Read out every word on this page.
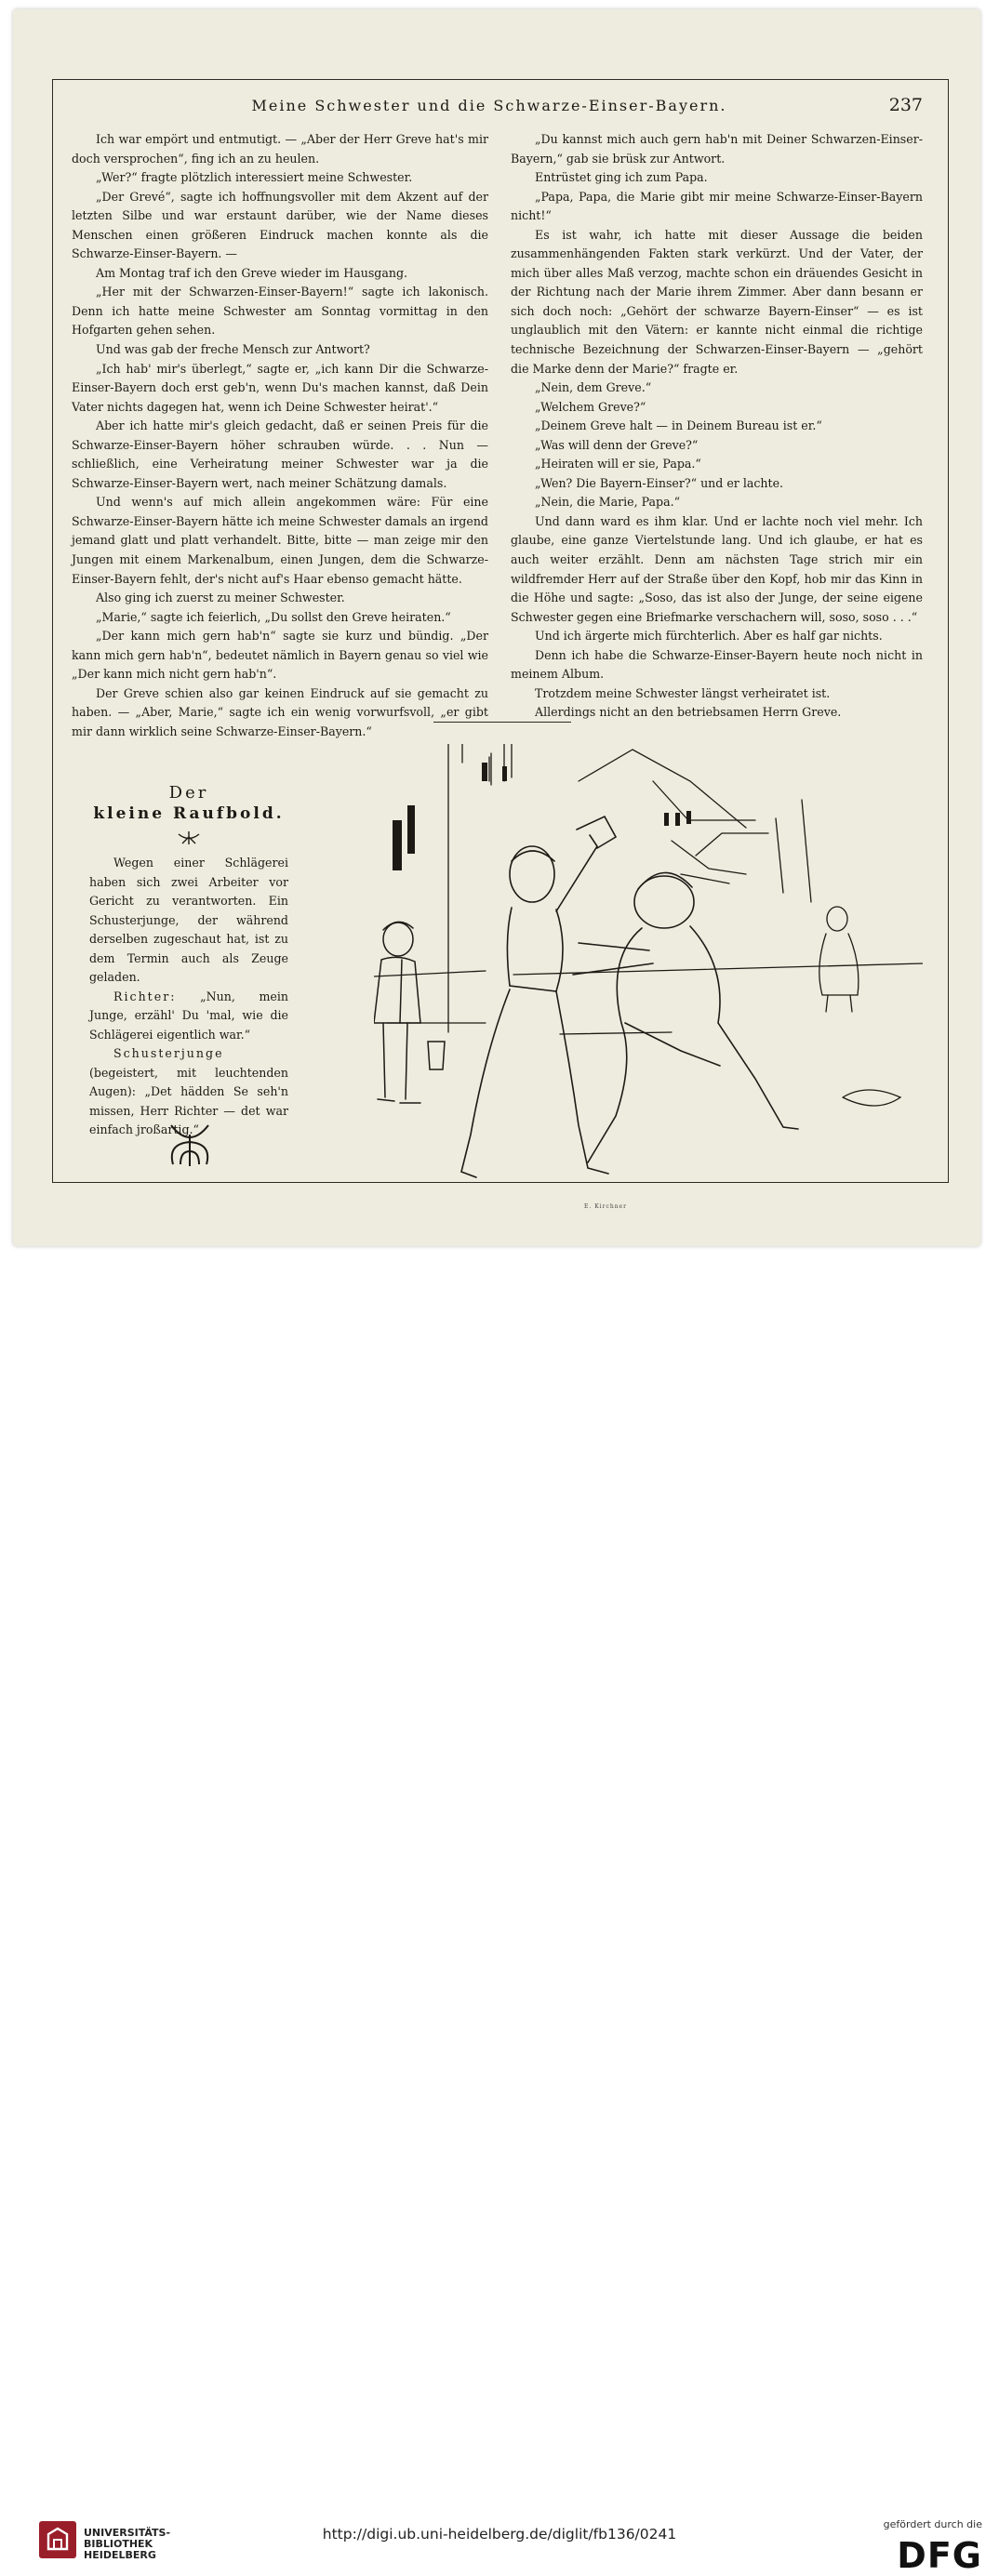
Meine Schwester und die Schwarze-Einser-Bayern.	237

Ich war empört und entmutigt. — „Aber der Herr Greve hat's mir doch versprochen“, fing ich an zu heulen.

„Wer?“ fragte plötzlich interessiert meine Schwester.

„Der Grevé“, sagte ich hoffnungsvoller mit dem Akzent auf der letzten Silbe und war erstaunt darüber, wie der Name dieses Menschen einen größeren Eindruck machen konnte als die Schwarze-Einser-Bayern. —

Am Montag traf ich den Greve wieder im Hausgang.

„Her mit der Schwarzen-Einser-Bayern!“ sagte ich lakonisch. Denn ich hatte meine Schwester am Sonntag vormittag in den Hofgarten gehen sehen.

Und was gab der freche Mensch zur Antwort?

„Ich hab' mir's überlegt,“ sagte er, „ich kann Dir die Schwarze-Einser-Bayern doch erst geb'n, wenn Du's machen kannst, daß Dein Vater nichts dagegen hat, wenn ich Deine Schwester heirat'.“

Aber ich hatte mir's gleich gedacht, daß er seinen Preis für die Schwarze-Einser-Bayern höher schrauben würde. . . Nun — schließlich, eine Verheiratung meiner Schwester war ja die Schwarze-Einser-Bayern wert, nach meiner Schätzung damals.

Und wenn's auf mich allein angekommen wäre: Für eine Schwarze-Einser-Bayern hätte ich meine Schwester damals an irgend jemand glatt und platt verhandelt. Bitte, bitte — man zeige mir den Jungen mit einem Markenalbum, einen Jungen, dem die Schwarze-Einser-Bayern fehlt, der's nicht auf's Haar ebenso gemacht hätte.

Also ging ich zuerst zu meiner Schwester.

„Marie,“ sagte ich feierlich, „Du sollst den Greve heiraten.“

„Der kann mich gern hab'n“ sagte sie kurz und bündig. „Der kann mich gern hab'n“, bedeutet nämlich in Bayern genau so viel wie „Der kann mich nicht gern hab'n“.

Der Greve schien also gar keinen Eindruck auf sie gemacht zu haben. — „Aber, Marie,“ sagte ich ein wenig vorwurfsvoll, „er gibt mir dann wirklich seine Schwarze-Einser-Bayern.“

„Du kannst mich auch gern hab'n mit Deiner Schwarzen-Einser-Bayern,“ gab sie brüsk zur Antwort.

Entrüstet ging ich zum Papa.

„Papa, Papa, die Marie gibt mir meine Schwarze-Einser-Bayern nicht!“

Es ist wahr, ich hatte mit dieser Aussage die beiden zusammenhängenden Fakten stark verkürzt. Und der Vater, der mich über alles Maß verzog, machte schon ein dräuendes Gesicht in der Richtung nach der Marie ihrem Zimmer. Aber dann besann er sich doch noch: „Gehört der schwarze Bayern-Einser“ — es ist unglaublich mit den Vätern: er kannte nicht einmal die richtige technische Bezeichnung der Schwarzen-Einser-Bayern — „gehört die Marke denn der Marie?“ fragte er.

„Nein, dem Greve.“

„Welchem Greve?“

„Deinem Greve halt — in Deinem Bureau ist er.“

„Was will denn der Greve?“

„Heiraten will er sie, Papa.“

„Wen? Die Bayern-Einser?“ und er lachte.

„Nein, die Marie, Papa.“

Und dann ward es ihm klar. Und er lachte noch viel mehr. Ich glaube, eine ganze Viertelstunde lang. Und ich glaube, er hat es auch weiter erzählt. Denn am nächsten Tage strich mir ein wildfremder Herr auf der Straße über den Kopf, hob mir das Kinn in die Höhe und sagte: „Soso, das ist also der Junge, der seine eigene Schwester gegen eine Briefmarke verschachern will, soso, soso . . .“

Und ich ärgerte mich fürchterlich. Aber es half gar nichts.

Denn ich habe die Schwarze-Einser-Bayern heute noch nicht in meinem Album.

Trotzdem meine Schwester längst verheiratet ist.

Allerdings nicht an den betriebsamen Herrn Greve.

Der
kleine Raufbold.

Wegen einer Schlägerei haben sich zwei Arbeiter vor Gericht zu verantworten. Ein Schusterjunge, der während derselben zugeschaut hat, ist zu dem Termin auch als Zeuge geladen.

Richter: „Nun, mein Junge, erzähl' Du 'mal, wie die Schlägerei eigentlich war.“

Schusterjunge (begeistert, mit leuchtenden Augen): „Det hädden Se seh'n missen, Herr Richter — det war einfach jroßartig.“

E. Kirchner
UNIVERSITÄTS-
BIBLIOTHEK
HEIDELBERG
http://digi.ub.uni-heidelberg.de/diglit/fb136/0241
gefördert durch die
DFG
